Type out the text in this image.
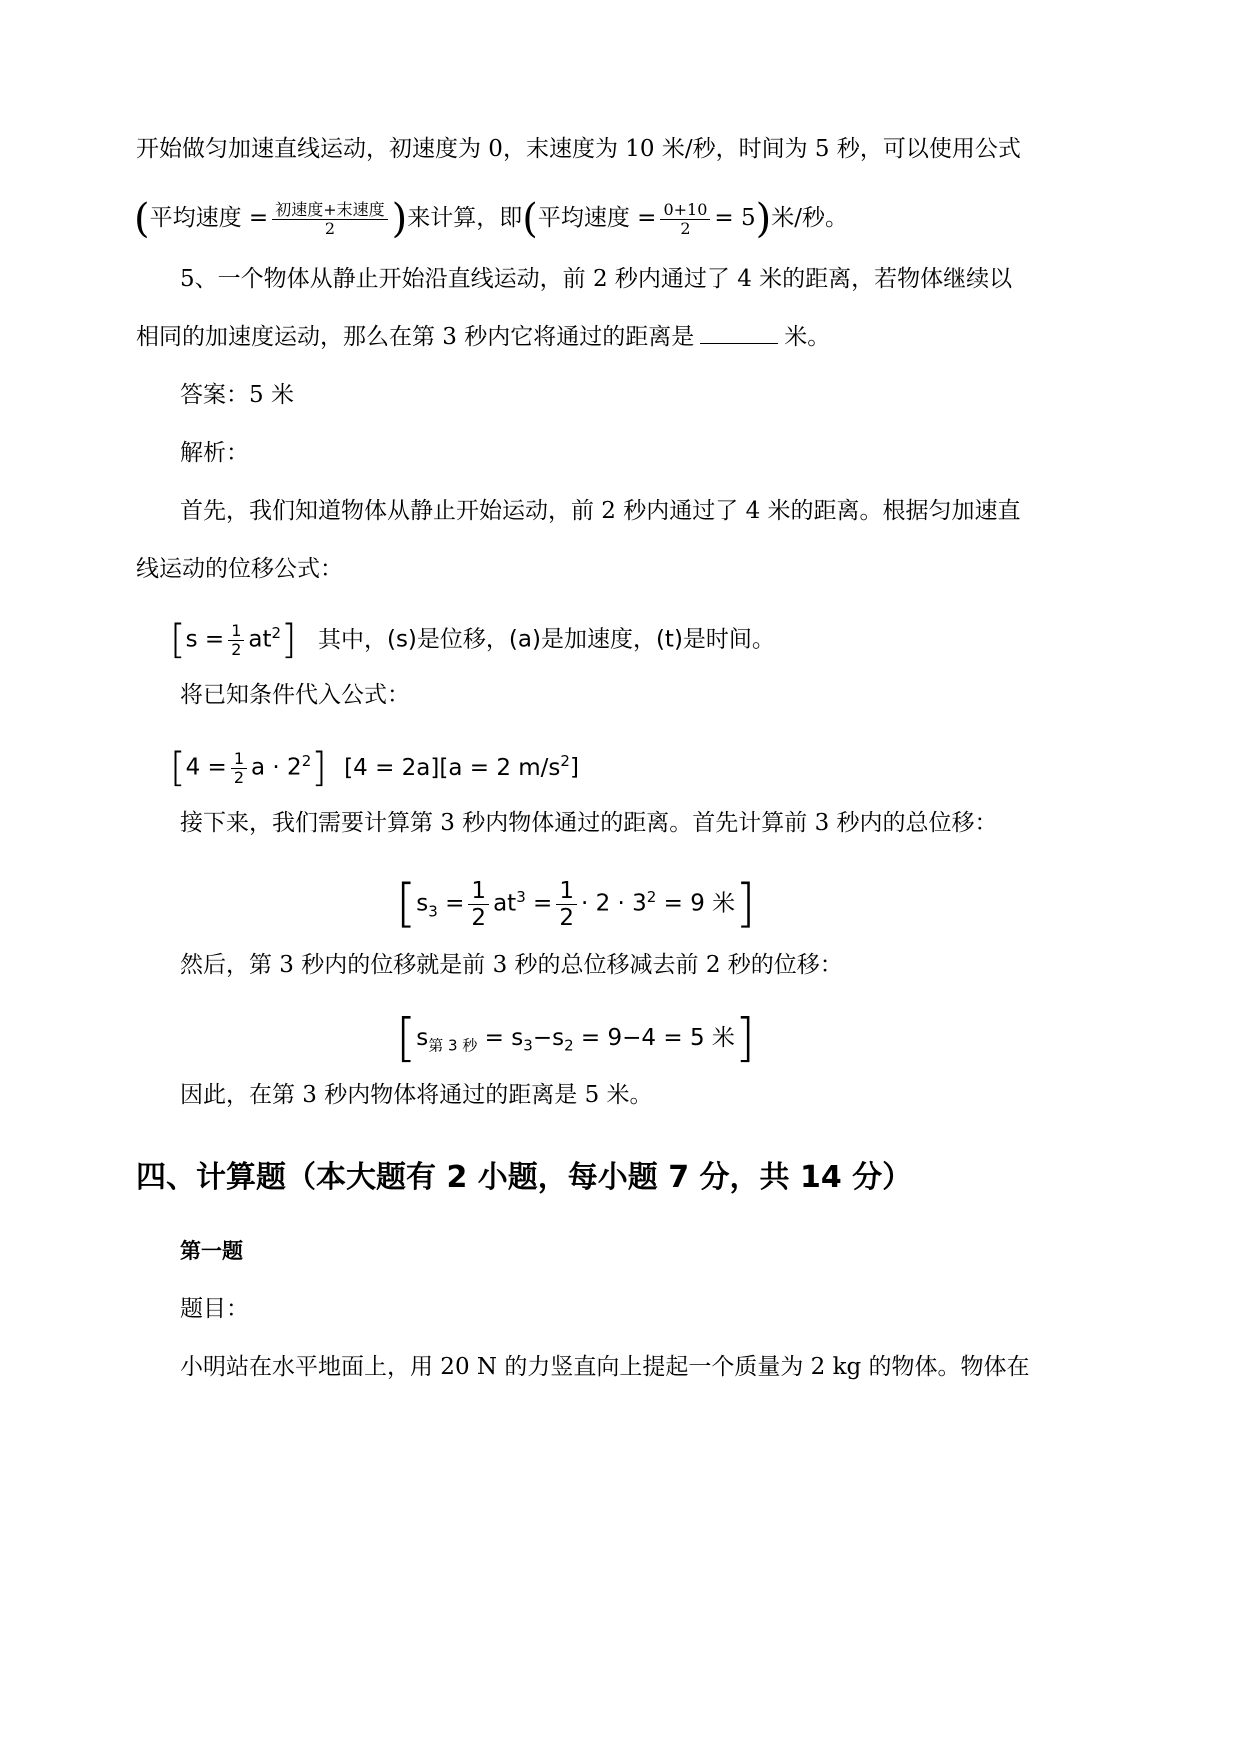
开始做匀加速直线运动，初速度为 0，末速度为 10 米/秒，时间为 5 秒，可以使用公式
(平均速度 = $\frac{\text{初速度+末速度}}{2}$ )来计算，即(平均速度 = $\frac{0+10}{2} = 5$)米/秒。
5、一个物体从静止开始沿直线运动，前 2 秒内通过了 4 米的距离，若物体继续以
相同的加速度运动，那么在第 3 秒内它将通过的距离是	米。
答案：5 米
解析：
首先，我们知道物体从静止开始运动，前 2 秒内通过了 4 米的距离。根据匀加速直
线运动的位移公式：
$[s = \frac{1}{2} at^2]$ 其中，(s)是位移，(a)是加速度，(t)是时间。
将已知条件代入公式：
[$4 = \frac{1}{2}$ $a \cdot 2^2$] [4 = 2a][a = 2 $m/s^2$]
接下来，我们需要计算第 3 秒内物体通过的距离。首先计算前 3 秒内的总位移：
[$s_3 = \frac{1}{2} at^3 = \frac{1}{2} \cdot 2 \cdot 3^2 = 9$ 米]
然后，第 3 秒内的位移就是前 3 秒的总位移减去前 2 秒的位移：
[$s_{第 3 秒} = s_3-s_2 = 9-4 = 5$ 米]
因此，在第 3 秒内物体将通过的距离是 5 米。
四、计算题（本大题有 2 小题，每小题 7 分，共 14 分）
第一题
题目：
小明站在水平地面上，用 20 N 的力竖直向上提起一个质量为 2 kg 的物体。物体在
